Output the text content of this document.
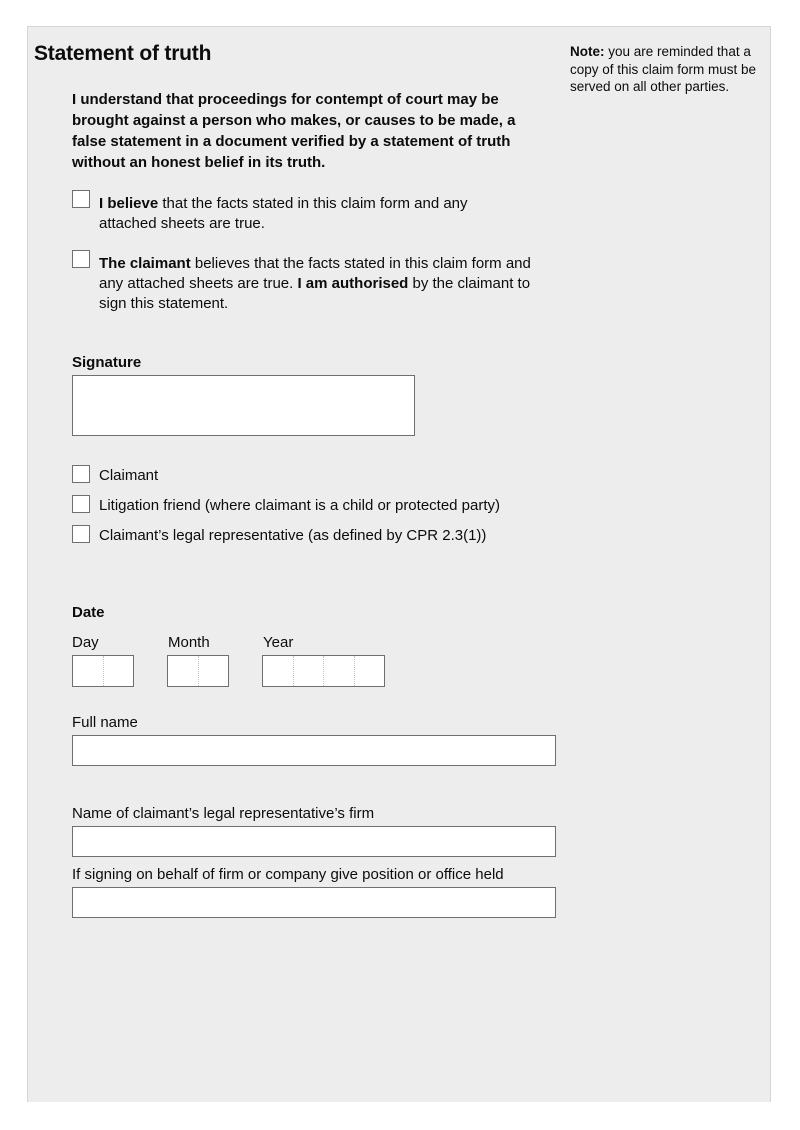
Statement of truth	Note: you are reminded that a copy of this claim form must be served on all other parties.
I understand that proceedings for contempt of court may be brought against a person who makes, or causes to be made, a false statement in a document verified by a statement of truth without an honest belief in its truth.
I believe that the facts stated in this claim form and any attached sheets are true.
The claimant believes that the facts stated in this claim form and any attached sheets are true. I am authorised by the claimant to sign this statement.
Signature
Claimant
Litigation friend (where claimant is a child or protected party)
Claimant’s legal representative (as defined by CPR 2.3(1))
Date
Day	Month	Year
Full name
Name of claimant’s legal representative’s firm
If signing on behalf of firm or company give position or office held
